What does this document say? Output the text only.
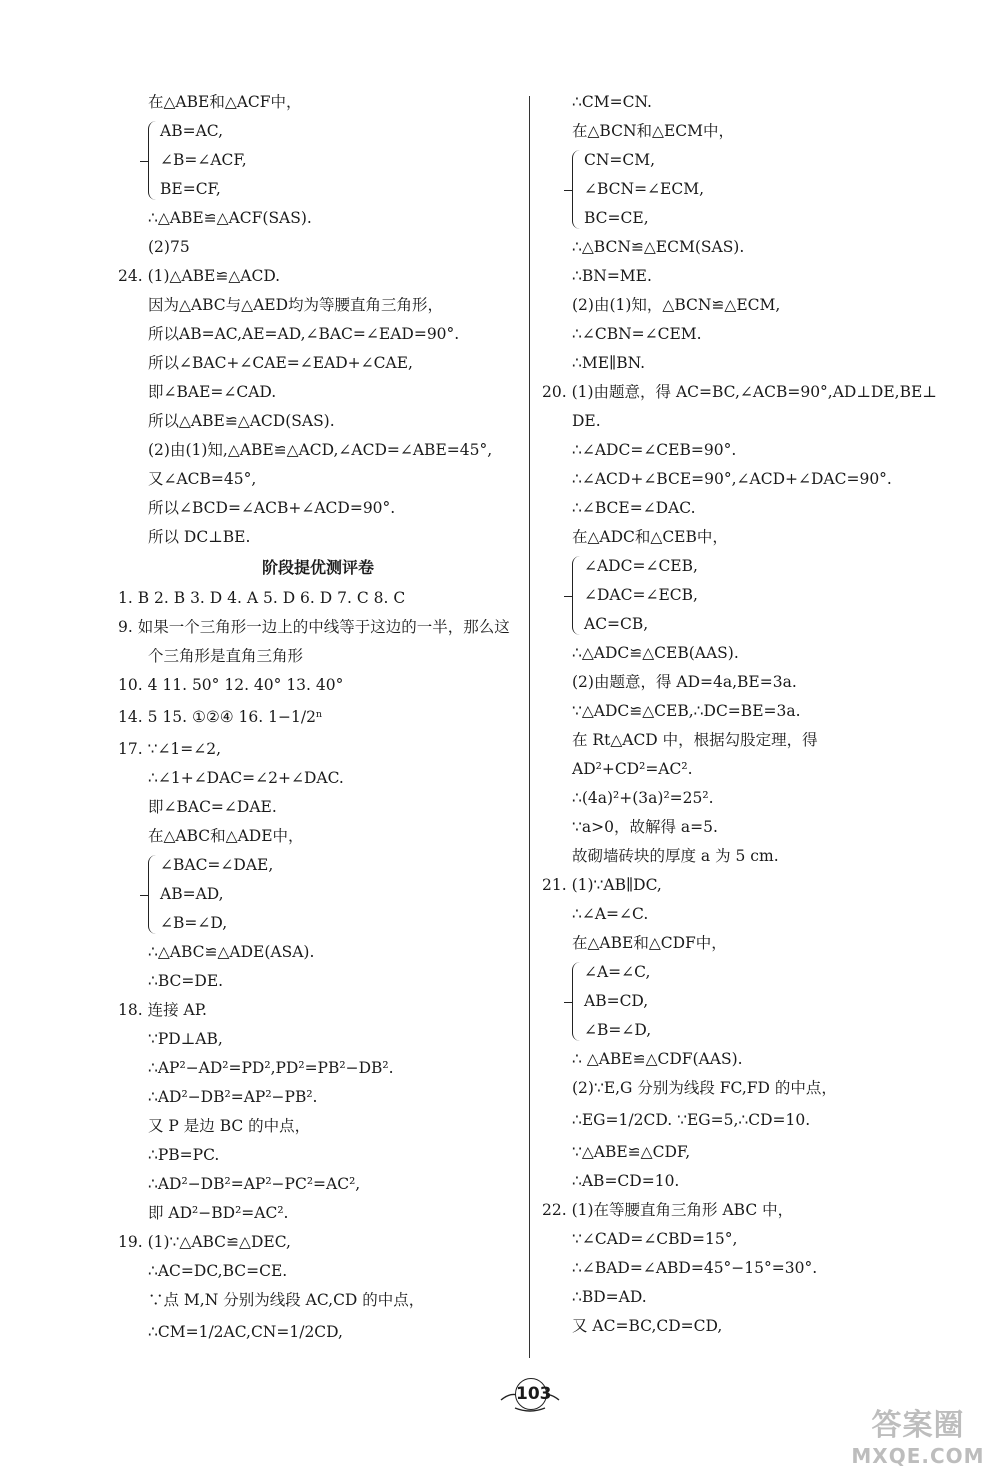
在△ABE和△ACF中，
AB=AC,
∠B=∠ACF,
BE=CF,
∴△ABE≌△ACF(SAS).
(2)75
24. (1)△ABE≌△ACD.
因为△ABC与△AED均为等腰直角三角形，
所以AB=AC,AE=AD,∠BAC=∠EAD=90°.
所以∠BAC+∠CAE=∠EAD+∠CAE,
即∠BAE=∠CAD.
所以△ABE≌△ACD(SAS).
(2)由(1)知,△ABE≌△ACD,∠ACD=∠ABE=45°,
又∠ACB=45°,
所以∠BCD=∠ACB+∠ACD=90°.
所以 DC⊥BE.
阶段提优测评卷
1. B 2. B 3. D 4. A 5. D 6. D 7. C 8. C
9. 如果一个三角形一边上的中线等于这边的一半，那么这
个三角形是直角三角形
10. 4 11. 50° 12. 40° 13. 40°
14. 5 15. ①②④ 16. 1−1/2ⁿ
17. ∵∠1=∠2,
∴∠1+∠DAC=∠2+∠DAC.
即∠BAC=∠DAE.
在△ABC和△ADE中，
∠BAC=∠DAE,
AB=AD,
∠B=∠D,
∴△ABC≌△ADE(ASA).
∴BC=DE.
18. 连接 AP.
∵PD⊥AB,
∴AP²−AD²=PD²,PD²=PB²−DB².
∴AD²−DB²=AP²−PB².
又 P 是边 BC 的中点，
∴PB=PC.
∴AD²−DB²=AP²−PC²=AC²,
即 AD²−BD²=AC².
19. (1)∵△ABC≌△DEC,
∴AC=DC,BC=CE.
∵点 M,N 分别为线段 AC,CD 的中点，
∴CM=1/2AC,CN=1/2CD,
∴CM=CN.
在△BCN和△ECM中，
CN=CM,
∠BCN=∠ECM,
BC=CE,
∴△BCN≌△ECM(SAS).
∴BN=ME.
(2)由(1)知，△BCN≌△ECM,
∴∠CBN=∠CEM.
∴ME∥BN.
20. (1)由题意，得 AC=BC,∠ACB=90°,AD⊥DE,BE⊥
DE.
∴∠ADC=∠CEB=90°.
∴∠ACD+∠BCE=90°,∠ACD+∠DAC=90°.
∴∠BCE=∠DAC.
在△ADC和△CEB中，
∠ADC=∠CEB,
∠DAC=∠ECB,
AC=CB,
∴△ADC≌△CEB(AAS).
(2)由题意，得 AD=4a,BE=3a.
∵△ADC≌△CEB,∴DC=BE=3a.
在 Rt△ACD 中，根据勾股定理，得
AD²+CD²=AC².
∴(4a)²+(3a)²=25².
∵a>0，故解得 a=5.
故砌墙砖块的厚度 a 为 5 cm.
21. (1)∵AB∥DC,
∴∠A=∠C.
在△ABE和△CDF中，
∠A=∠C,
AB=CD,
∠B=∠D,
∴ △ABE≌△CDF(AAS).
(2)∵E,G 分别为线段 FC,FD 的中点，
∴EG=1/2CD. ∵EG=5,∴CD=10.
∵△ABE≌△CDF,
∴AB=CD=10.
22. (1)在等腰直角三角形 ABC 中，
∵∠CAD=∠CBD=15°,
∴∠BAD=∠ABD=45°−15°=30°.
∴BD=AD.
又 AC=BC,CD=CD,
103
答案圈
MXQE.COM
